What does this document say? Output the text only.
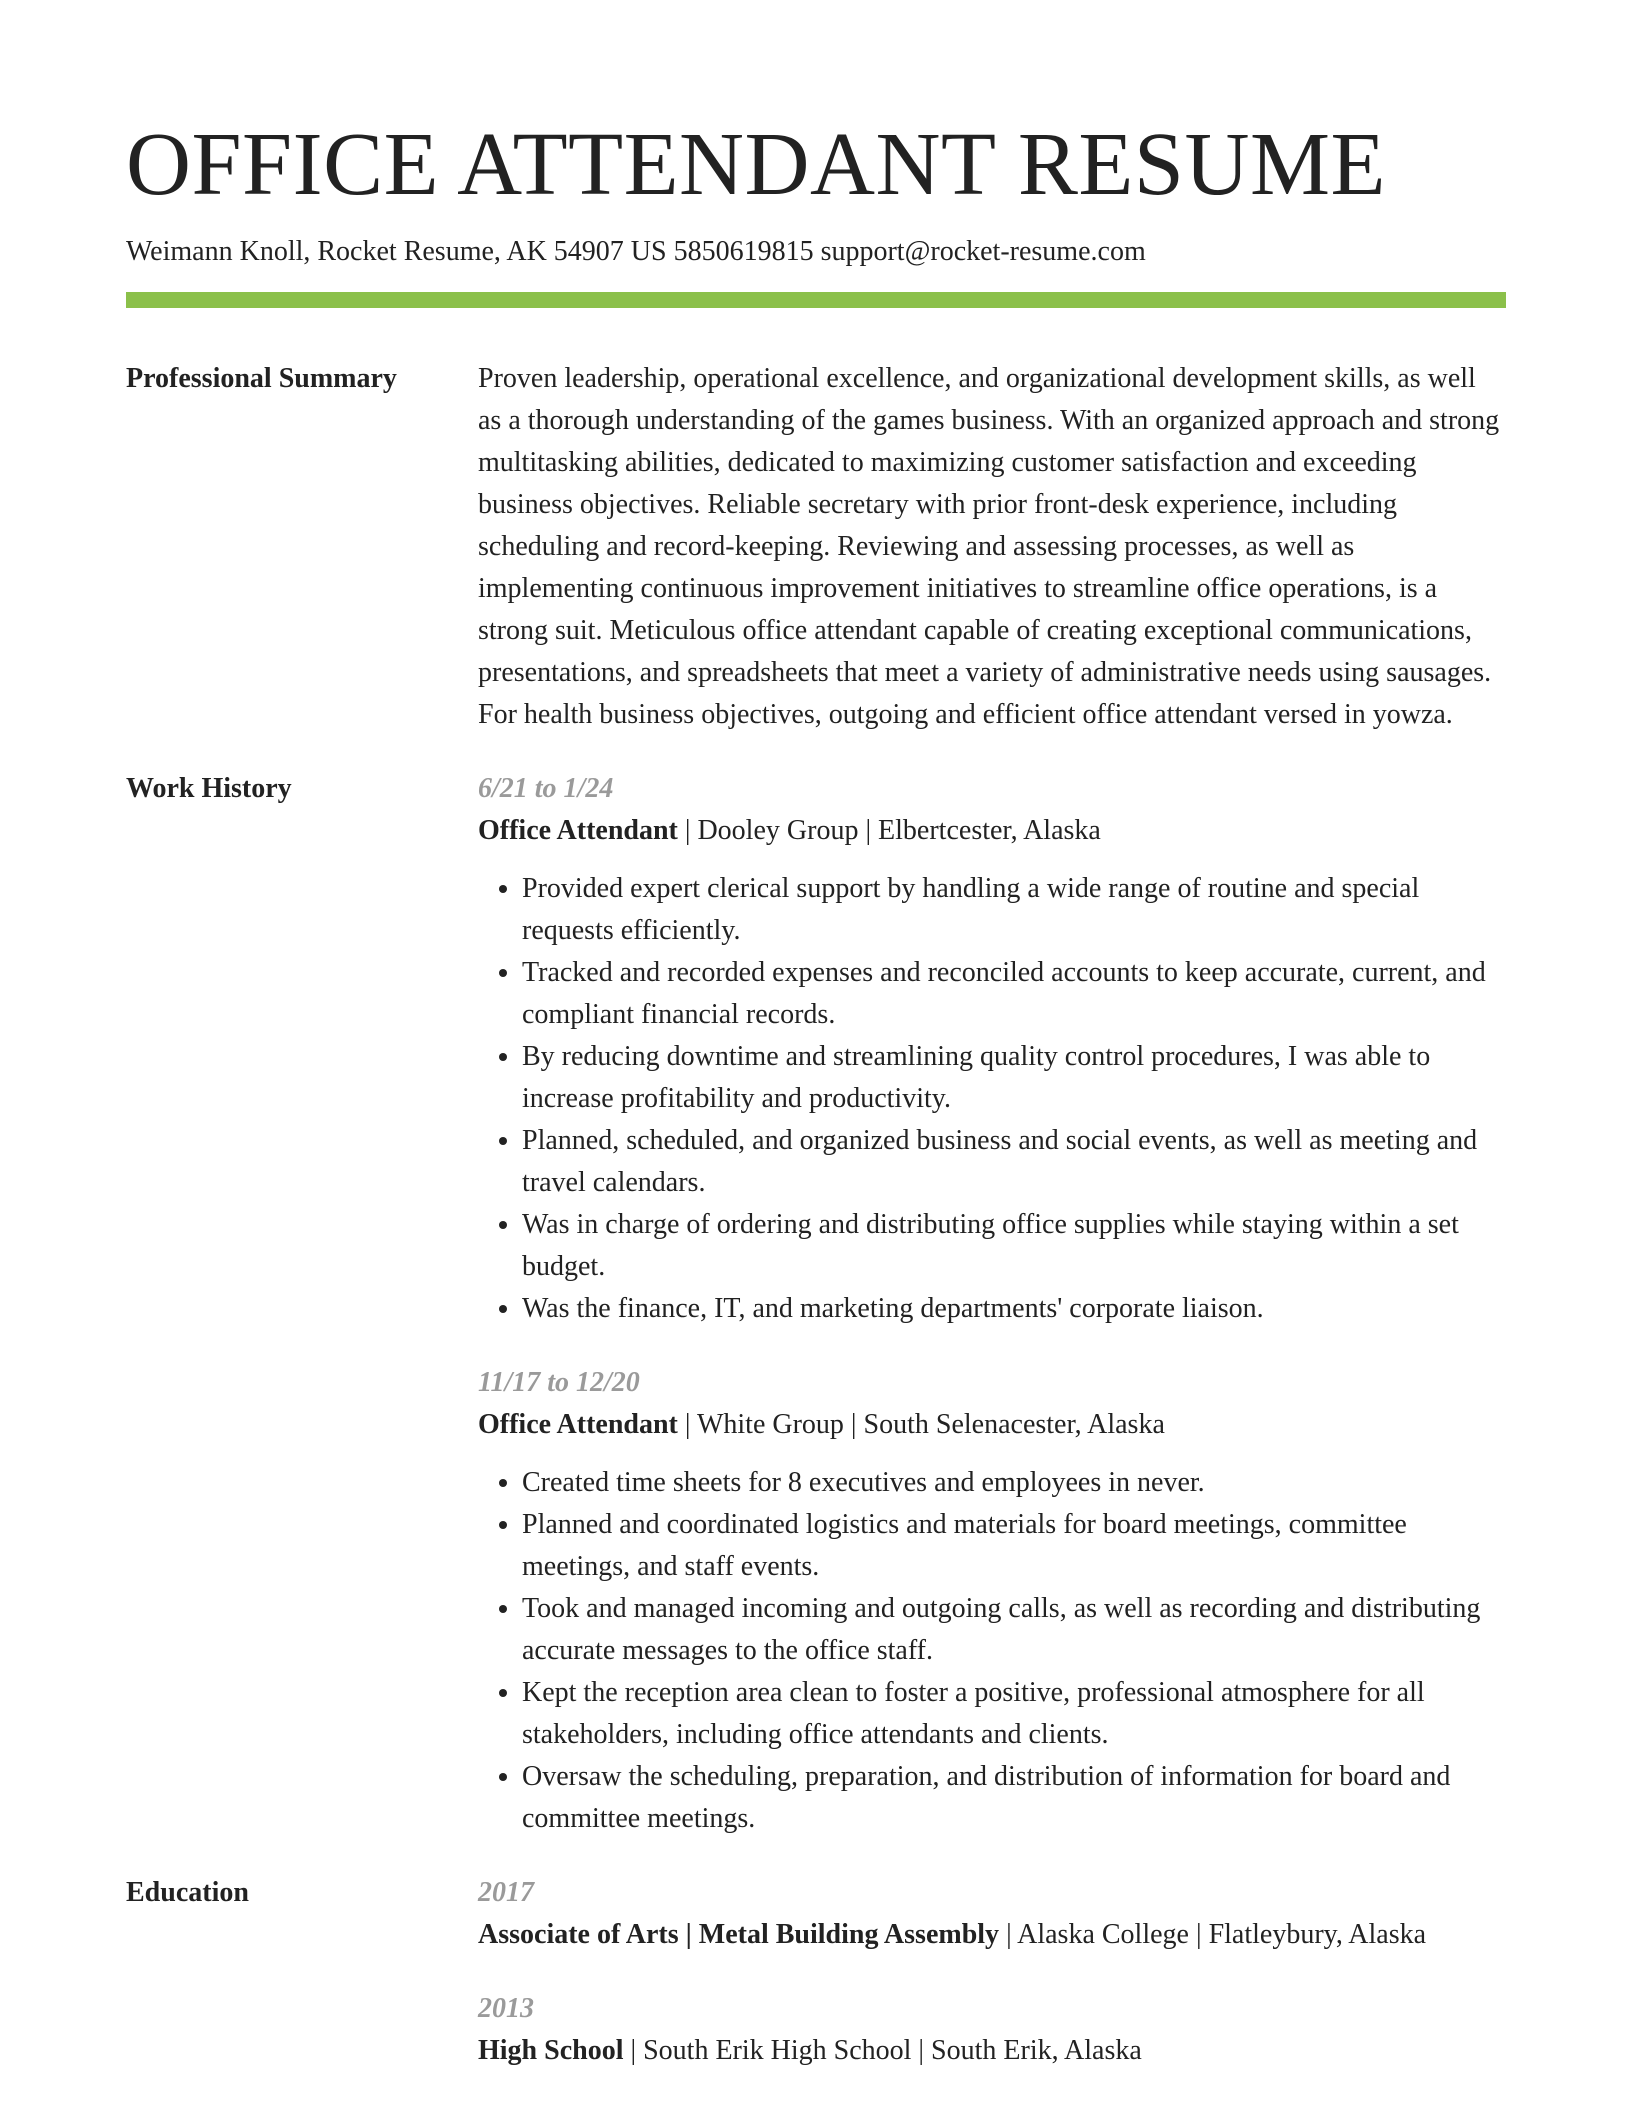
OFFICE ATTENDANT RESUME
Weimann Knoll, Rocket Resume, AK 54907 US 5850619815 support@rocket-resume.com
Professional Summary	Proven leadership, operational excellence, and organizational development skills, as well as a thorough understanding of the games business. With an organized approach and strong multitasking abilities, dedicated to maximizing customer satisfaction and exceeding business objectives. Reliable secretary with prior front-desk experience, including scheduling and record-keeping. Reviewing and assessing processes, as well as implementing continuous improvement initiatives to streamline office operations, is a strong suit. Meticulous office attendant capable of creating exceptional communications, presentations, and spreadsheets that meet a variety of administrative needs using sausages. For health business objectives, outgoing and efficient office attendant versed in yowza.

Work History	6/21 to 1/24
Office Attendant | Dooley Group | Elbertcester, Alaska
• Provided expert clerical support by handling a wide range of routine and special requests efficiently.
• Tracked and recorded expenses and reconciled accounts to keep accurate, current, and compliant financial records.
• By reducing downtime and streamlining quality control procedures, I was able to increase profitability and productivity.
• Planned, scheduled, and organized business and social events, as well as meeting and travel calendars.
• Was in charge of ordering and distributing office supplies while staying within a set budget.
• Was the finance, IT, and marketing departments' corporate liaison.
11/17 to 12/20
Office Attendant | White Group | South Selenacester, Alaska
• Created time sheets for 8 executives and employees in never.
• Planned and coordinated logistics and materials for board meetings, committee meetings, and staff events.
• Took and managed incoming and outgoing calls, as well as recording and distributing accurate messages to the office staff.
• Kept the reception area clean to foster a positive, professional atmosphere for all stakeholders, including office attendants and clients.
• Oversaw the scheduling, preparation, and distribution of information for board and committee meetings.
Education	2017
Associate of Arts | Metal Building Assembly | Alaska College | Flatleybury, Alaska
2013
High School | South Erik High School | South Erik, Alaska
